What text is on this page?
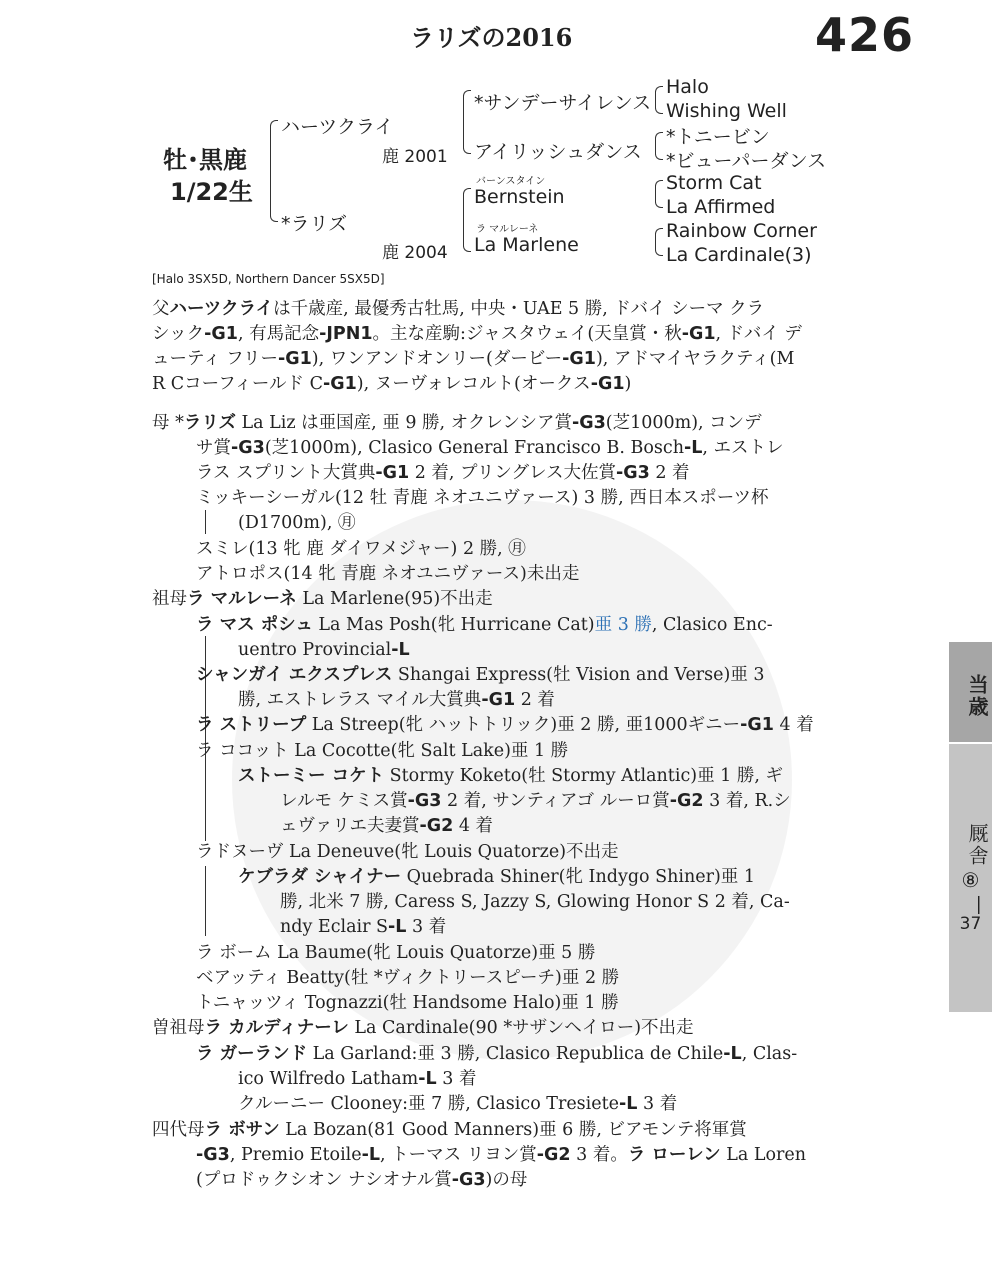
ラリズの2016	426
牡･黒鹿
1/22生
ハーツクライ
鹿 2001
*ラリズ
鹿 2004
*サンデーサイレンス
アイリッシュダンス
バーンスタイン
Bernstein
ラ マルレーネ
La Marlene
Halo
Wishing Well
*トニービン
*ビューパーダンス
Storm Cat
La Affirmed
Rainbow Corner
La Cardinale(3)
[Halo 3SX5D, Northern Dancer 5SX5D]
父ハーツクライは千歳産, 最優秀古牡馬, 中央・UAE 5 勝, ドバイ シーマ クラ
シック-G1, 有馬記念-JPN1。主な産駒:ジャスタウェイ(天皇賞・秋-G1, ドバイ デ
ューティ フリー-G1), ワンアンドオンリー(ダービー-G1), アドマイヤラクティ(M
R Cコーフィールド C-G1), ヌーヴォレコルト(オークス-G1)
母 *ラリズ La Liz は亜国産, 亜 9 勝, オクレンシア賞-G3(芝1000m), コンデ
サ賞-G3(芝1000m), Clasico General Francisco B. Bosch-L, エストレ
ラス スプリント大賞典-G1 2 着, プリングレス大佐賞-G3 2 着
ミッキーシーガル(12 牡 青鹿 ネオユニヴァース) 3 勝, 西日本スポーツ杯
(D1700m), ㊊
スミレ(13 牝 鹿 ダイワメジャー) 2 勝, ㊊
アトロポス(14 牝 青鹿 ネオユニヴァース)未出走
祖母ラ マルレーネ La Marlene(95)不出走
ラ マス ポシュ La Mas Posh(牝 Hurricane Cat)亜 3 勝, Clasico Enc-
uentro Provincial-L
シャンガイ エクスプレス Shangai Express(牡 Vision and Verse)亜 3
勝, エストレラス マイル大賞典-G1 2 着
ラ ストリープ La Streep(牝 ハットトリック)亜 2 勝, 亜1000ギニー-G1 4 着
ラ ココット La Cocotte(牝 Salt Lake)亜 1 勝
ストーミー コケト Stormy Koketo(牡 Stormy Atlantic)亜 1 勝, ギ
レルモ ケミス賞-G3 2 着, サンティアゴ ルーロ賞-G2 3 着, R.シ
ェヴァリエ夫妻賞-G2 4 着
ラドヌーヴ La Deneuve(牝 Louis Quatorze)不出走
ケブラダ シャイナー Quebrada Shiner(牝 Indygo Shiner)亜 1
勝, 北米 7 勝, Caress S, Jazzy S, Glowing Honor S 2 着, Ca-
ndy Eclair S-L 3 着
ラ ボーム La Baume(牝 Louis Quatorze)亜 5 勝
ベアッティ Beatty(牡 *ヴィクトリースピーチ)亜 2 勝
トニャッツィ Tognazzi(牡 Handsome Halo)亜 1 勝
曽祖母ラ カルディナーレ La Cardinale(90 *サザンヘイロー)不出走
ラ ガーランド La Garland:亜 3 勝, Clasico Republica de Chile-L, Clas-
ico Wilfredo Latham-L 3 着
クルーニー Clooney:亜 7 勝, Clasico Tresiete-L 3 着
四代母ラ ボサン La Bozan(81 Good Manners)亜 6 勝, ビアモンテ将軍賞
-G3, Premio Etoile-L, トーマス リヨン賞-G2 3 着。ラ ローレン La Loren
(プロドゥクシオン ナシオナル賞-G3)の母
当歳
厩舎
⑧
—
37
